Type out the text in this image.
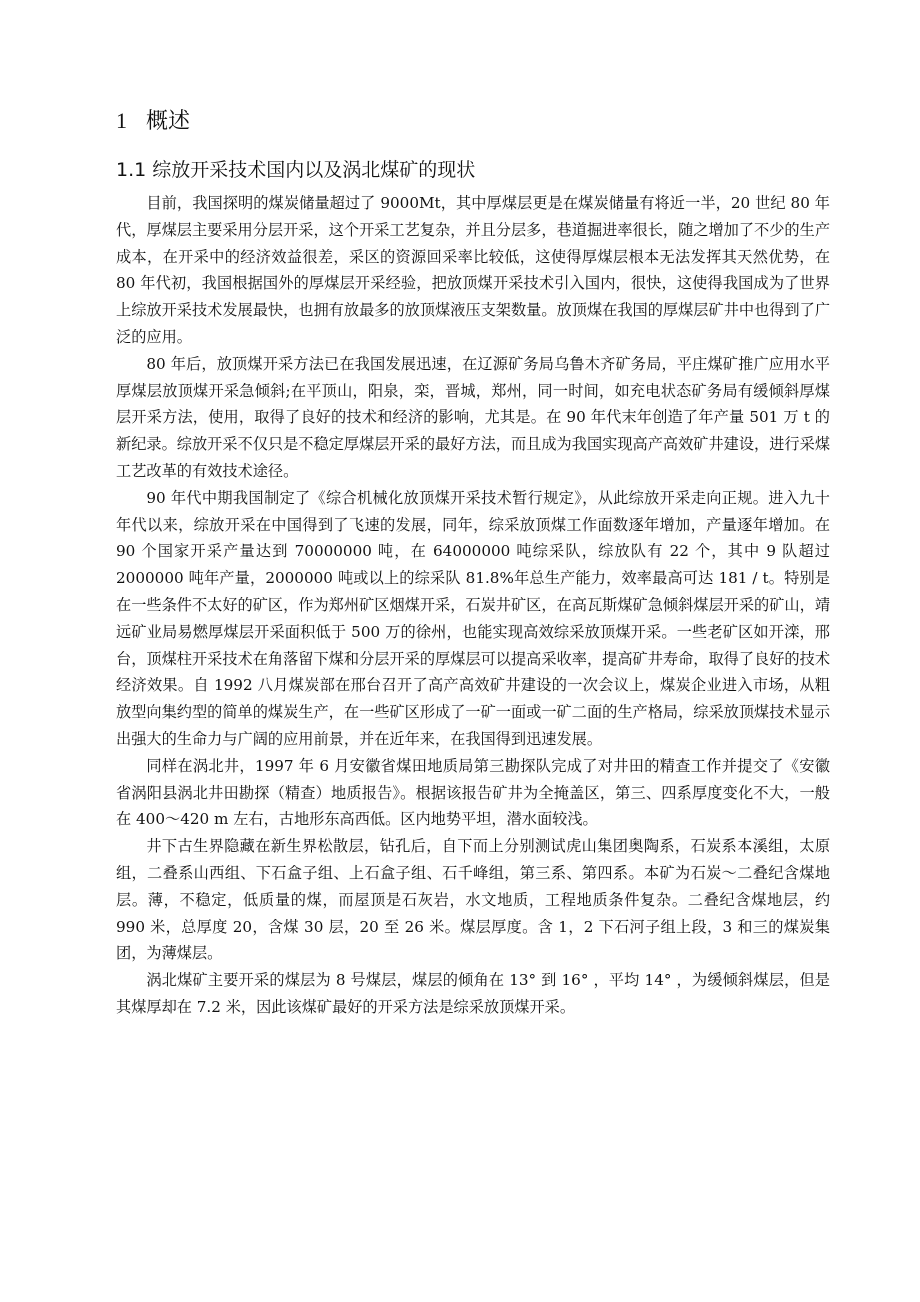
1 概述
1.1 综放开采技术国内以及涡北煤矿的现状

目前，我国探明的煤炭储量超过了 9000Mt，其中厚煤层更是在煤炭储量有将近一半，20 世纪 80 年代，厚煤层主要采用分层开采，这个开采工艺复杂，并且分层多，巷道掘进率很长，随之增加了不少的生产成本，在开采中的经济效益很差，采区的资源回采率比较低，这使得厚煤层根本无法发挥其天然优势，在 80 年代初，我国根据国外的厚煤层开采经验，把放顶煤开采技术引入国内，很快，这使得我国成为了世界上综放开采技术发展最快，也拥有放最多的放顶煤液压支架数量。放顶煤在我国的厚煤层矿井中也得到了广泛的应用。

80 年后，放顶煤开采方法已在我国发展迅速，在辽源矿务局乌鲁木齐矿务局，平庄煤矿推广应用水平厚煤层放顶煤开采急倾斜;在平顶山，阳泉，栾，晋城，郑州，同一时间，如充电状态矿务局有缓倾斜厚煤层开采方法，使用，取得了良好的技术和经济的影响，尤其是。在 90 年代末年创造了年产量 501 万 t 的新纪录。综放开采不仅只是不稳定厚煤层开采的最好方法，而且成为我国实现高产高效矿井建设，进行采煤工艺改革的有效技术途径。

90 年代中期我国制定了《综合机械化放顶煤开采技术暂行规定》，从此综放开采走向正规。进入九十年代以来，综放开采在中国得到了飞速的发展，同年，综采放顶煤工作面数逐年增加，产量逐年增加。在 90 个国家开采产量达到 70000000 吨，在 64000000 吨综采队，综放队有 22 个，其中 9 队超过 2000000 吨年产量，2000000 吨或以上的综采队 81.8%年总生产能力，效率最高可达 181 / t。特别是在一些条件不太好的矿区，作为郑州矿区烟煤开采，石炭井矿区，在高瓦斯煤矿急倾斜煤层开采的矿山，靖远矿业局易燃厚煤层开采面积低于 500 万的徐州，也能实现高效综采放顶煤开采。一些老矿区如开滦，邢台，顶煤柱开采技术在角落留下煤和分层开采的厚煤层可以提高采收率，提高矿井寿命，取得了良好的技术经济效果。自 1992 八月煤炭部在邢台召开了高产高效矿井建设的一次会议上，煤炭企业进入市场，从粗放型向集约型的简单的煤炭生产，在一些矿区形成了一矿一面或一矿二面的生产格局，综采放顶煤技术显示出强大的生命力与广阔的应用前景，并在近年来，在我国得到迅速发展。

同样在涡北井，1997 年 6 月安徽省煤田地质局第三勘探队完成了对井田的精查工作并提交了《安徽省涡阳县涡北井田勘探（精查）地质报告》。根据该报告矿井为全掩盖区，第三、四系厚度变化不大，一般在 400～420 m 左右，古地形东高西低。区内地势平坦，潜水面较浅。

井下古生界隐藏在新生界松散层，钻孔后，自下而上分别测试虎山集团奥陶系，石炭系本溪组，太原组，二叠系山西组、下石盒子组、上石盒子组、石千峰组，第三系、第四系。本矿为石炭～二叠纪含煤地层。薄，不稳定，低质量的煤，而屋顶是石灰岩，水文地质，工程地质条件复杂。二叠纪含煤地层，约 990 米，总厚度 20，含煤 30 层，20 至 26 米。煤层厚度。含 1，2 下石河子组上段，3 和三的煤炭集团，为薄煤层。

涡北煤矿主要开采的煤层为 8 号煤层，煤层的倾角在 13° 到 16° ，平均 14° ，为缓倾斜煤层，但是其煤厚却在 7.2 米，因此该煤矿最好的开采方法是综采放顶煤开采。
